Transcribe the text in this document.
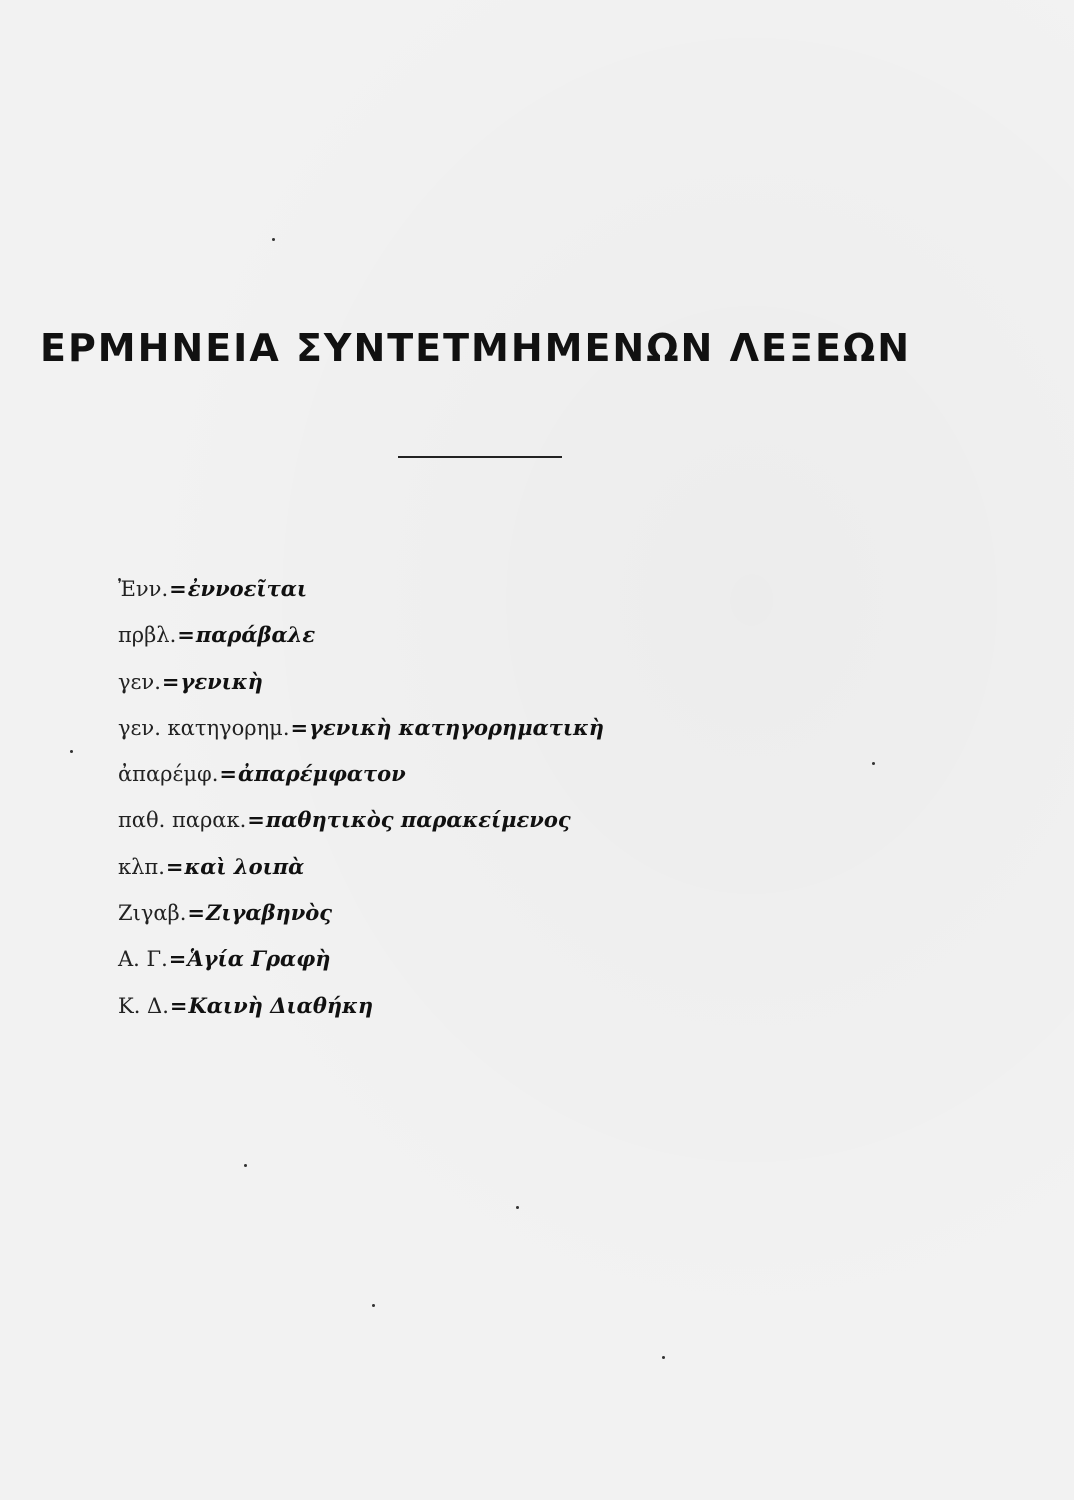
ΕΡΜΗΝΕΙΑ ΣΥΝΤΕΤΜΗΜΕΝΩΝ ΛΕΞΕΩΝ
Ἐνν.=ἐννοεῖται
πρβλ.=παράβαλε
γεν.=γενικὴ
γεν. κατηγορημ.=γενικὴ κατηγορηματικὴ
ἀπαρέμφ.=ἀπαρέμφατον
παθ. παρακ.=παθητικὸς παρακείμενος
κλπ.=καὶ λοιπὰ
Ζιγαβ.=Ζιγαβηνὸς
Α. Γ.=Ἁγία Γραφὴ
Κ. Δ.=Καινὴ Διαθήκη
